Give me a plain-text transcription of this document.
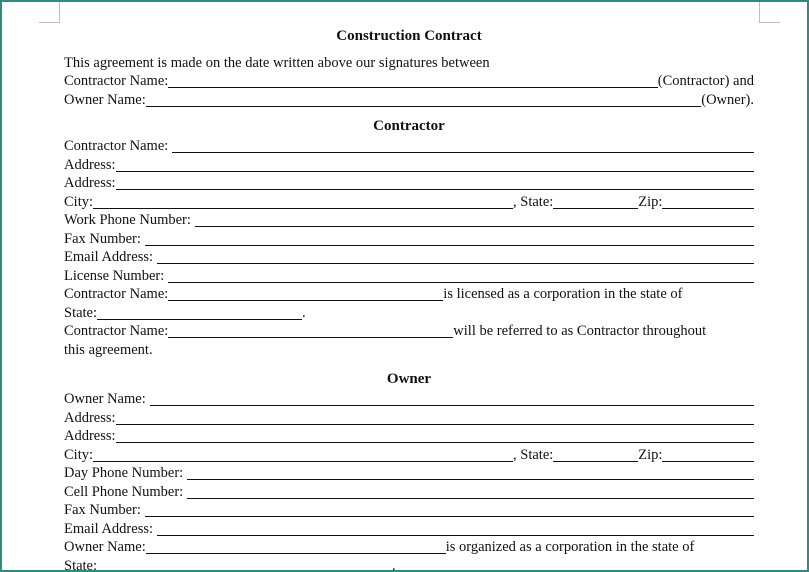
Construction Contract
This agreement is made on the date written above our signatures between
Contractor Name:	(Contractor) and
Owner Name:	(Owner).
Contractor
Contractor Name:
Address:
Address:
City:	, State:	Zip:
Work Phone Number:
Fax Number:
Email Address:
License Number:
Contractor Name:	is licensed as a corporation in the state of
State:	.
Contractor Name:	will be referred to as Contractor throughout
this agreement.
Owner
Owner Name:
Address:
Address:
City:	, State:	Zip:
Day Phone Number:
Cell Phone Number:
Fax Number:
Email Address:
Owner Name:	is organized as a corporation in the state of
State:	.
